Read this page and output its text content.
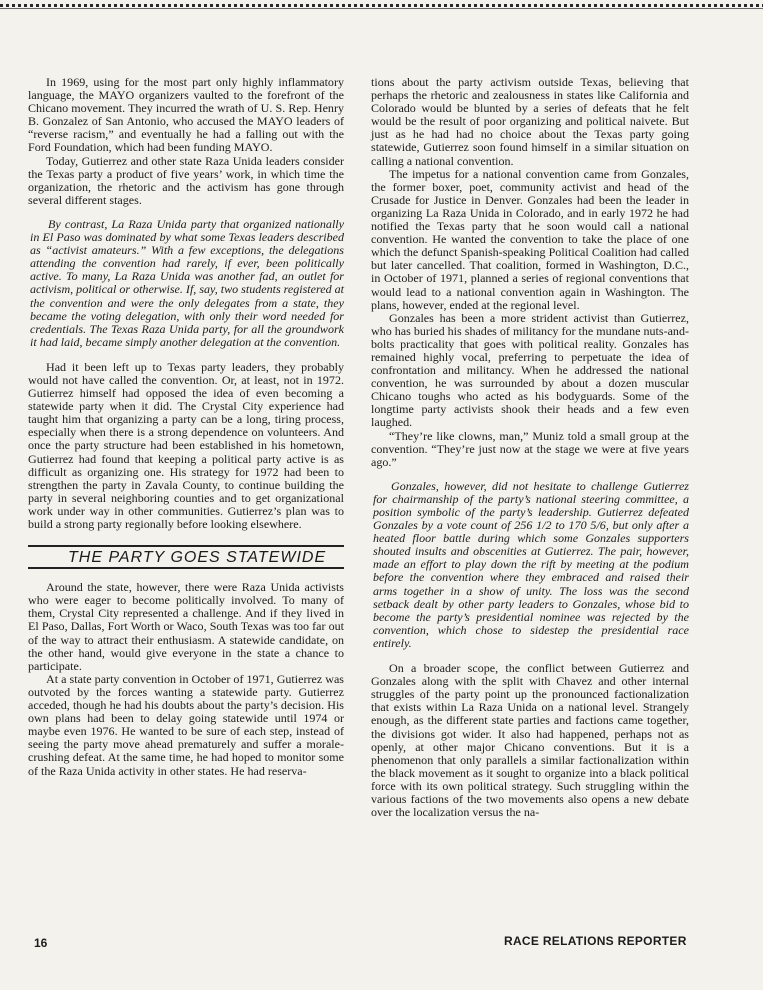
In 1969, using for the most part only highly inflammatory language, the MAYO organizers vaulted to the forefront of the Chicano movement. They incurred the wrath of U. S. Rep. Henry B. Gonzalez of San Antonio, who accused the MAYO leaders of “reverse racism,” and eventually he had a falling out with the Ford Foundation, which had been funding MAYO.

Today, Gutierrez and other state Raza Unida leaders consider the Texas party a product of five years’ work, in which time the organization, the rhetoric and the activism has gone through several different stages.

By contrast, La Raza Unida party that organized nationally in El Paso was dominated by what some Texas leaders described as “activist amateurs.” With a few exceptions, the delegations attending the convention had rarely, if ever, been politically active. To many, La Raza Unida was another fad, an outlet for activism, political or otherwise. If, say, two students registered at the convention and were the only delegates from a state, they became the voting delegation, with only their word needed for credentials. The Texas Raza Unida party, for all the groundwork it had laid, became simply another delegation at the convention.

Had it been left up to Texas party leaders, they probably would not have called the convention. Or, at least, not in 1972. Gutierrez himself had opposed the idea of even becoming a statewide party when it did. The Crystal City experience had taught him that organizing a party can be a long, tiring process, especially when there is a strong dependence on volunteers. And once the party structure had been established in his hometown, Gutierrez had found that keeping a political party active is as difficult as organizing one. His strategy for 1972 had been to strengthen the party in Zavala County, to continue building the party in several neighboring counties and to get organizational work under way in other communities. Gutierrez’s plan was to build a strong party regionally before looking elsewhere.

THE PARTY GOES STATEWIDE

Around the state, however, there were Raza Unida activists who were eager to become politically involved. To many of them, Crystal City represented a challenge. And if they lived in El Paso, Dallas, Fort Worth or Waco, South Texas was too far out of the way to attract their enthusiasm. A statewide candidate, on the other hand, would give everyone in the state a chance to participate.

At a state party convention in October of 1971, Gutierrez was outvoted by the forces wanting a statewide party. Gutierrez acceded, though he had his doubts about the party’s decision. His own plans had been to delay going statewide until 1974 or maybe even 1976. He wanted to be sure of each step, instead of seeing the party move ahead prematurely and suffer a morale-crushing defeat. At the same time, he had hoped to monitor some of the Raza Unida activity in other states. He had reserva-

tions about the party activism outside Texas, believing that perhaps the rhetoric and zealousness in states like California and Colorado would be blunted by a series of defeats that he felt would be the result of poor organizing and political naivete. But just as he had had no choice about the Texas party going statewide, Gutierrez soon found himself in a similar situation on calling a national convention.

The impetus for a national convention came from Gonzales, the former boxer, poet, community activist and head of the Crusade for Justice in Denver. Gonzales had been the leader in organizing La Raza Unida in Colorado, and in early 1972 he had notified the Texas party that he soon would call a national convention. He wanted the convention to take the place of one which the defunct Spanish-speaking Political Coalition had called but later cancelled. That coalition, formed in Washington, D.C., in October of 1971, planned a series of regional conventions that would lead to a national convention again in Washington. The plans, however, ended at the regional level.

Gonzales has been a more strident activist than Gutierrez, who has buried his shades of militancy for the mundane nuts-and-bolts practicality that goes with political reality. Gonzales has remained highly vocal, preferring to perpetuate the idea of confrontation and militancy. When he addressed the national convention, he was surrounded by about a dozen muscular Chicano toughs who acted as his bodyguards. Some of the longtime party activists shook their heads and a few even laughed.

“They’re like clowns, man,” Muniz told a small group at the convention. “They’re just now at the stage we were at five years ago.”

Gonzales, however, did not hesitate to challenge Gutierrez for chairmanship of the party’s national steering committee, a position symbolic of the party’s leadership. Gutierrez defeated Gonzales by a vote count of 256 1/2 to 170 5/6, but only after a heated floor battle during which some Gonzales supporters shouted insults and obscenities at Gutierrez. The pair, however, made an effort to play down the rift by meeting at the podium before the convention where they embraced and raised their arms together in a show of unity. The loss was the second setback dealt by other party leaders to Gonzales, whose bid to become the party’s presidential nominee was rejected by the convention, which chose to sidestep the presidential race entirely.

On a broader scope, the conflict between Gutierrez and Gonzales along with the split with Chavez and other internal struggles of the party point up the pronounced factionalization that exists within La Raza Unida on a national level. Strangely enough, as the different state parties and factions came together, the divisions got wider. It also had happened, perhaps not as openly, at other major Chicano conventions. But it is a phenomenon that only parallels a similar factionalization within the black movement as it sought to organize into a black political force with its own political strategy. Such struggling within the various factions of the two movements also opens a new debate over the localization versus the na-

16	RACE RELATIONS REPORTER
